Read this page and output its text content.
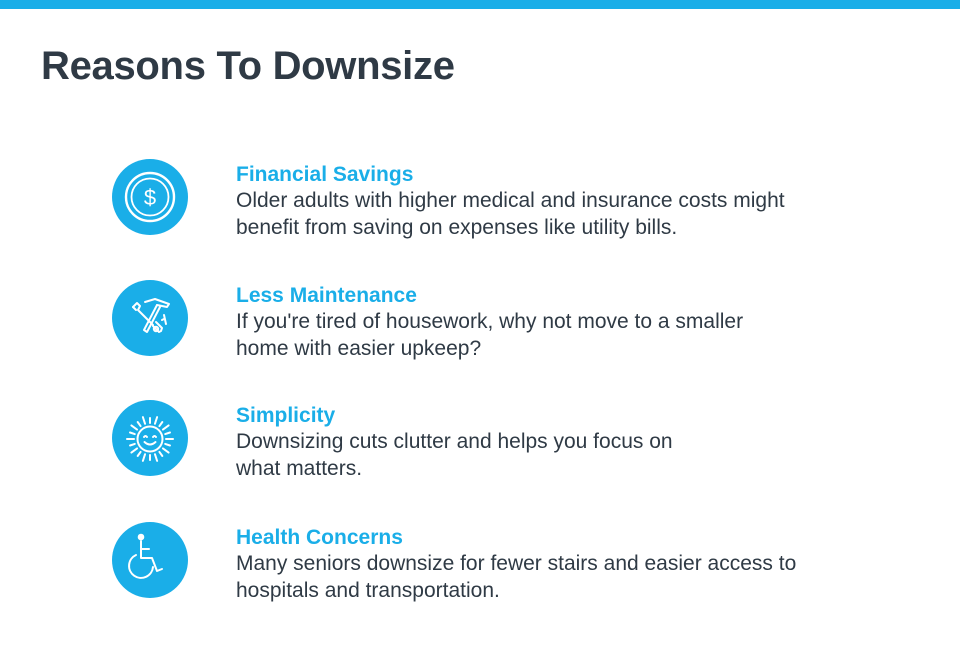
Reasons To Downsize
$
Financial Savings
Older adults with higher medical and insurance costs might
benefit from saving on expenses like utility bills.
Less Maintenance
If you're tired of housework, why not move to a smaller
home with easier upkeep?
Simplicity
Downsizing cuts clutter and helps you focus on
what matters.
Health Concerns
Many seniors downsize for fewer stairs and easier access to
hospitals and transportation.
